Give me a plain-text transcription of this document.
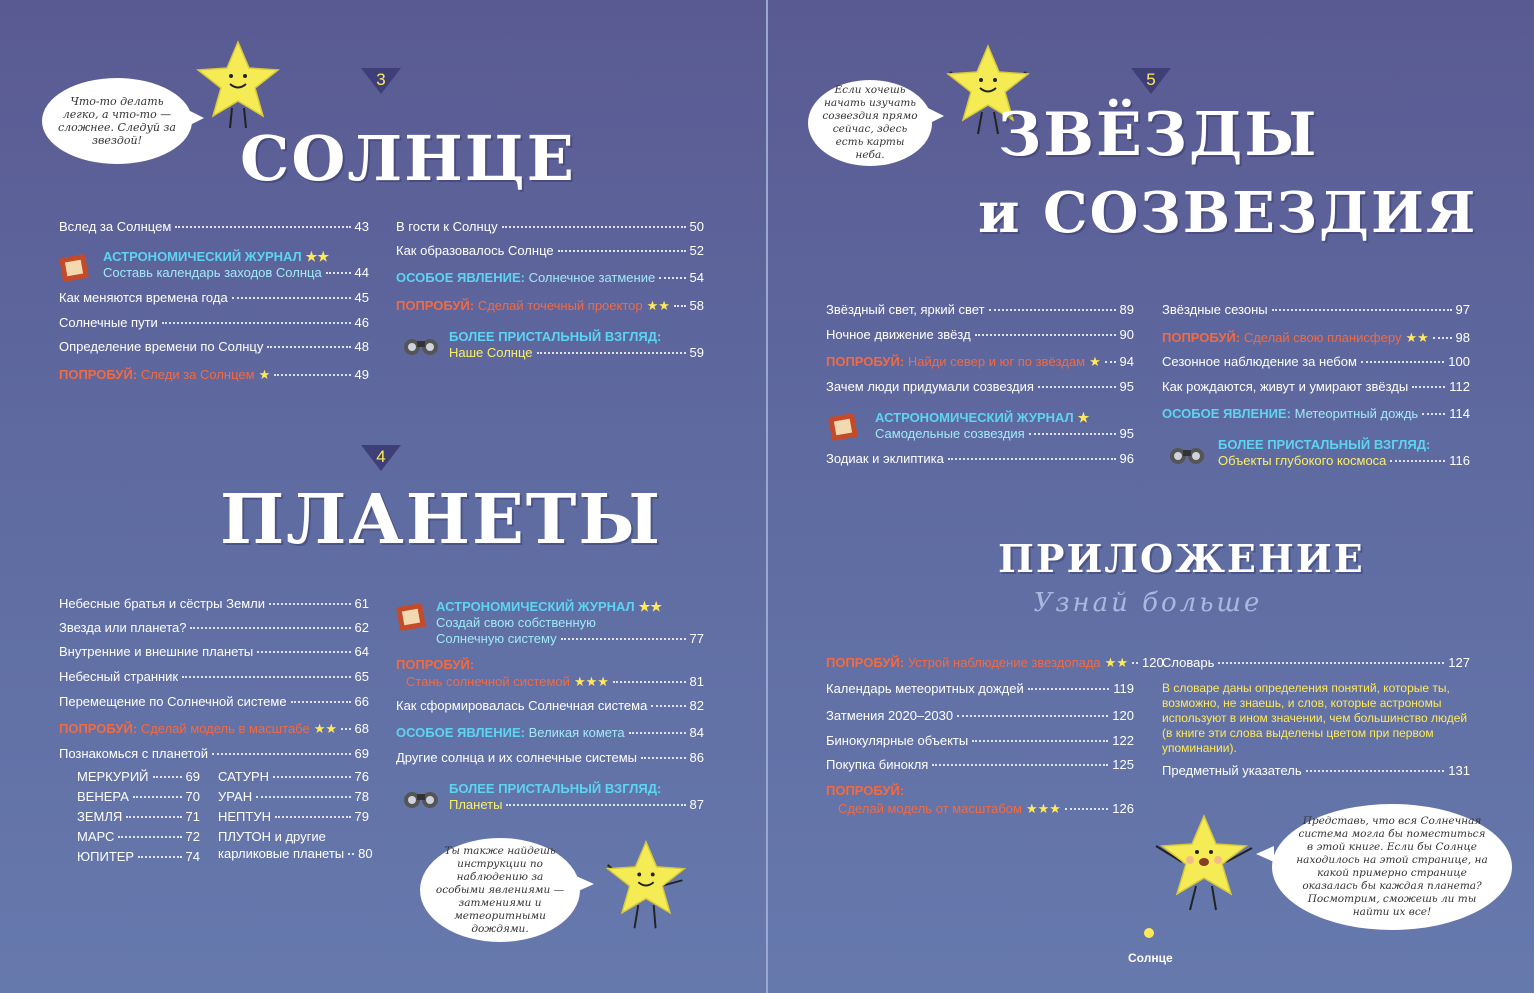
Что-то делать легко, а что-то — сложнее. Следуй за звездой!
3
СОЛНЦЕ
Вслед за Солнцем	43
АСТРОНОМИЧЕСКИЙ ЖУРНАЛ ★★
Составь календарь заходов Солнца	44
Как меняются времена года	45
Солнечные пути	46
Определение времени по Солнцу	48
ПОПРОБУЙ: Следи за Солнцем ★	49
В гости к Солнцу	50
Как образовалось Солнце	52
ОСОБОЕ ЯВЛЕНИЕ: Солнечное затмение	54
ПОПРОБУЙ: Сделай точечный проектор ★★ 58
БОЛЕЕ ПРИСТАЛЬНЫЙ ВЗГЛЯД:
Наше Солнце	59
4
ПЛАНЕТЫ
Небесные братья и сёстры Земли	61
Звезда или планета?	62
Внутренние и внешние планеты	64
Небесный странник	65
Перемещение по Солнечной системе	66
ПОПРОБУЙ: Сделай модель в масштабе ★★ 68
Познакомься с планетой	69
МЕРКУРИЙ	69
ВЕНЕРА	70
ЗЕМЛЯ	71
МАРС	72
ЮПИТЕР	74
САТУРН	76
УРАН	78
НЕПТУН	79
ПЛУТОН и другие
карликовые планеты 80
АСТРОНОМИЧЕСКИЙ ЖУРНАЛ ★★
Создай свою собственную
Солнечную систему	77
ПОПРОБУЙ:
Стань солнечной системой ★★★	81
Как сформировалась Солнечная система	82
ОСОБОЕ ЯВЛЕНИЕ: Великая комета	84
Другие солнца и их солнечные системы	86
БОЛЕЕ ПРИСТАЛЬНЫЙ ВЗГЛЯД:
Планеты	87
Ты также найдешь инструкции по наблюдению за особыми явлениями — затмениями и метеоритными дождями.
Если хочешь начать изучать созвездия прямо сейчас, здесь есть карты неба.
5
ЗВЁЗДЫ
и СОЗВЕЗДИЯ
Звёздный свет, яркий свет	89
Ночное движение звёзд	90
ПОПРОБУЙ: Найди север и юг по звёздам ★ 94
Зачем люди придумали созвездия	95
АСТРОНОМИЧЕСКИЙ ЖУРНАЛ ★
Самодельные созвездия	95
Зодиак и эклиптика	96
Звёздные сезоны	97
ПОПРОБУЙ: Сделай свою планисферу ★★ 98
Сезонное наблюдение за небом	100
Как рождаются, живут и умирают звёзды	112
ОСОБОЕ ЯВЛЕНИЕ: Метеоритный дождь 114
БОЛЕЕ ПРИСТАЛЬНЫЙ ВЗГЛЯД:
Объекты глубокого космоса	116
ПРИЛОЖЕНИЕ
Узнай больше
ПОПРОБУЙ: Устрой наблюдение звездопада ★★ 120
Календарь метеоритных дождей	119
Затмения 2020–2030	120
Бинокулярные объекты	122
Покупка бинокля	125
ПОПРОБУЙ:
Сделай модель от масштабом ★★★	126
Словарь	127
В словаре даны определения понятий, которые ты, возможно, не знаешь, и слов, которые астрономы используют в ином значении, чем большинство людей (в книге эти слова выделены цветом при первом упоминании).
Предметный указатель	131
Представь, что вся Солнечная система могла бы поместиться в этой книге. Если бы Солнце находилось на этой странице, на какой примерно странице оказалась бы каждая планета? Посмотрим, сможешь ли ты найти их все!
Солнце
